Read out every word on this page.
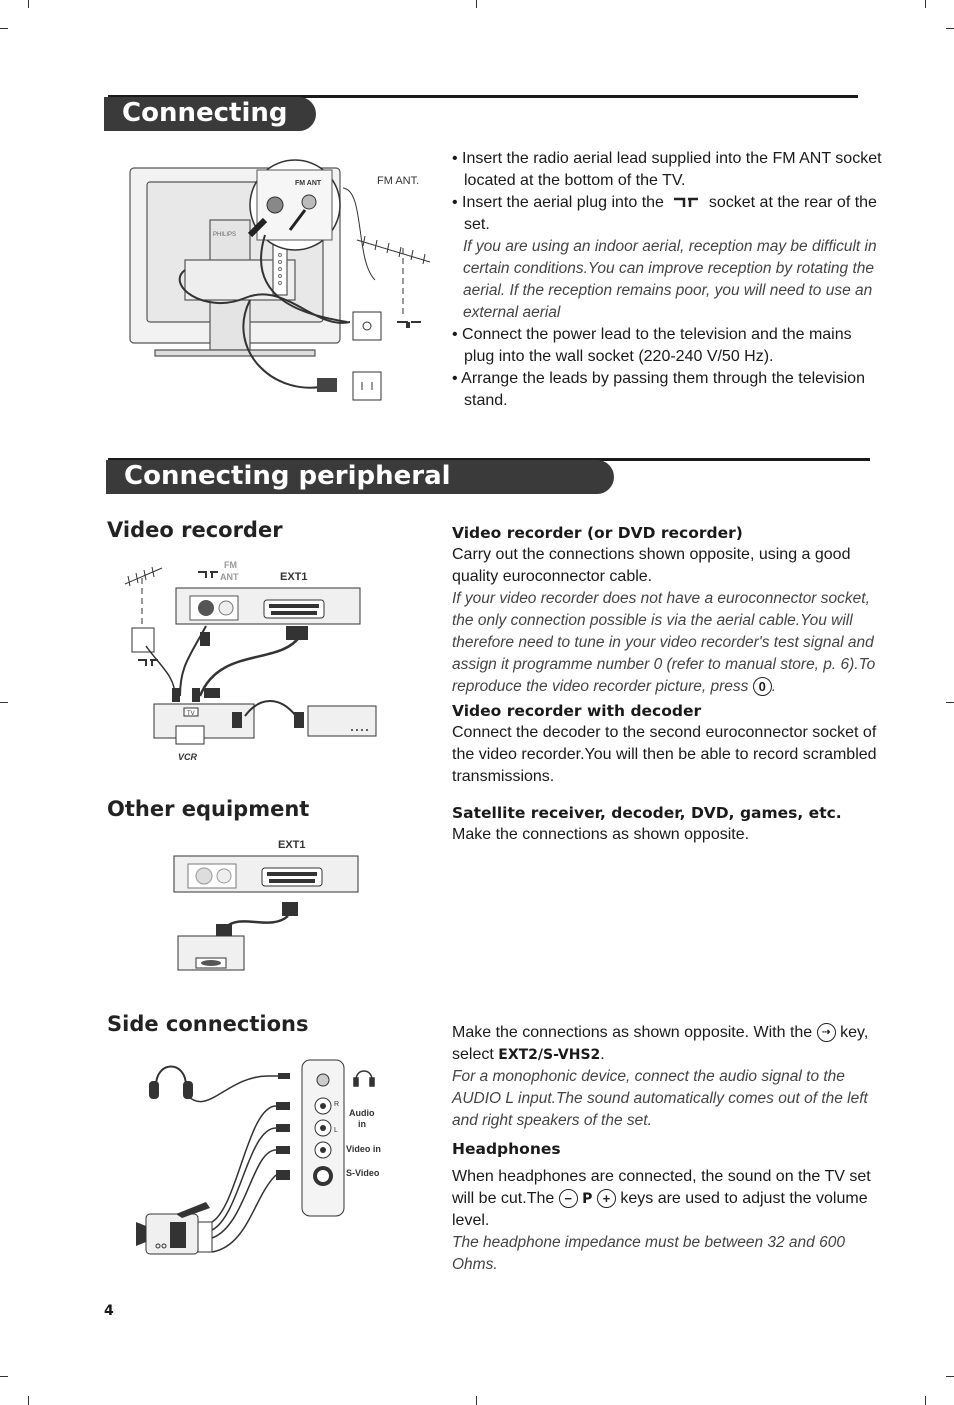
Connecting
PHILIPS
FM ANT	FM ANT.

• Insert the radio aerial lead supplied into the FM ANT socket located at the bottom of the TV.

• Insert the aerial plug into the	socket at the rear of the set.

If you are using an indoor aerial, reception may be difficult in certain conditions.You can improve reception by rotating the aerial. If the reception remains poor, you will need to use an external aerial

• Connect the power lead to the television and the mains plug into the wall socket (220-240 V/50 Hz).

• Arrange the leads by passing them through the television stand.

Connecting peripheral equipment
Video recorder
FM
ANT	EXT1
TV
VCR

Video recorder (or DVD recorder)

Carry out the connections shown opposite, using a good quality euroconnector cable.

If your video recorder does not have a euroconnector socket, the only connection possible is via the aerial cable.You will therefore need to tune in your video recorder's test signal and assign it programme number 0 (refer to manual store, p. 6).To reproduce the video recorder picture, press 0 .

Video recorder with decoder

Connect the decoder to the second euroconnector socket of the video recorder.You will then be able to record scrambled transmissions.

Other equipment
EXT1

Satellite receiver, decoder, DVD, games, etc.

Make the connections as shown opposite.

Side connections
R
L
Audio
in
Video in
S-Video

Make the connections as shown opposite. With the ⇢ key, select EXT2/S-VHS2.

For a monophonic device, connect the audio signal to the AUDIO L input.The sound automatically comes out of the left and right speakers of the set.

Headphones

When headphones are connected, the sound on the TV set will be cut.The − P + keys are used to adjust the volume level.

The headphone impedance must be between 32 and 600 Ohms.

4
